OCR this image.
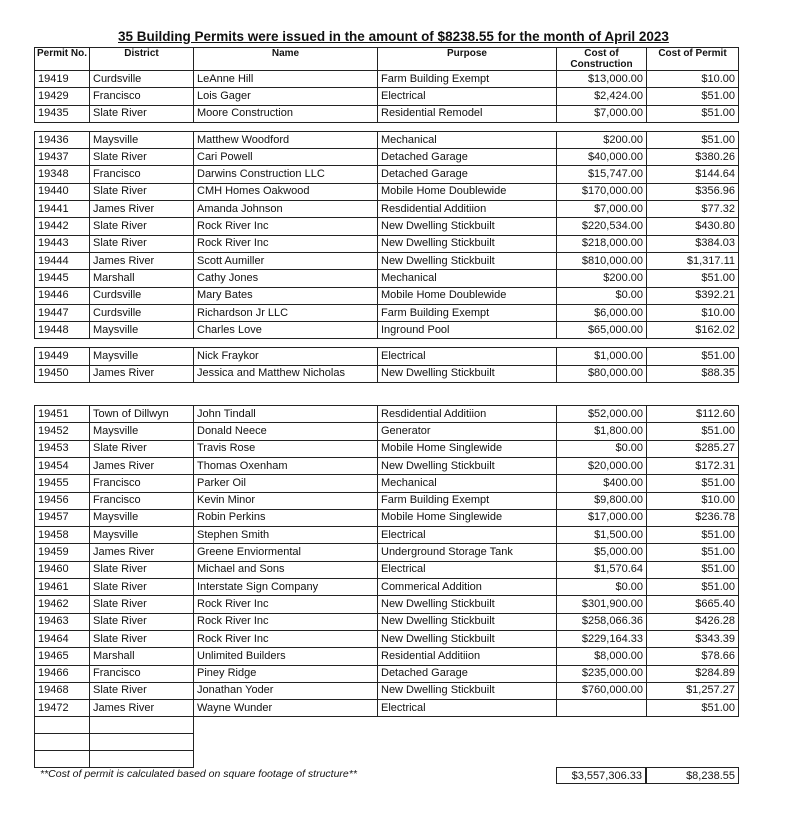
35 Building Permits were issued in the amount of $8238.55 for the month of April 2023
Permit No.	District	Name	Purpose	Cost of Construction	Cost of Permit
19419	Curdsville	LeAnne Hill	Farm Building Exempt	$13,000.00	$10.00
19429	Francisco	Lois Gager	Electrical	$2,424.00	$51.00
19435	Slate River	Moore Construction	Residential Remodel	$7,000.00	$51.00

19436	Maysville	Matthew Woodford	Mechanical	$200.00	$51.00
19437	Slate River	Cari Powell	Detached Garage	$40,000.00	$380.26
19348	Francisco	Darwins Construction LLC	Detached Garage	$15,747.00	$144.64
19440	Slate River	CMH Homes Oakwood	Mobile Home Doublewide	$170,000.00	$356.96
19441	James River	Amanda Johnson	Resdidential Additiion	$7,000.00	$77.32
19442	Slate River	Rock River Inc	New Dwelling Stickbuilt	$220,534.00	$430.80
19443	Slate River	Rock River Inc	New Dwelling Stickbuilt	$218,000.00	$384.03
19444	James River	Scott Aumiller	New Dwelling Stickbuilt	$810,000.00	$1,317.11
19445	Marshall	Cathy Jones	Mechanical	$200.00	$51.00
19446	Curdsville	Mary Bates	Mobile Home Doublewide	$0.00	$392.21
19447	Curdsville	Richardson Jr LLC	Farm Building Exempt	$6,000.00	$10.00
19448	Maysville	Charles Love	Inground Pool	$65,000.00	$162.02

19449	Maysville	Nick Fraykor	Electrical	$1,000.00	$51.00
19450	James River	Jessica and Matthew Nicholas	New Dwelling Stickbuilt	$80,000.00	$88.35

19451	Town of Dillwyn	John Tindall	Resdidential Additiion	$52,000.00	$112.60
19452	Maysville	Donald Neece	Generator	$1,800.00	$51.00
19453	Slate River	Travis Rose	Mobile Home Singlewide	$0.00	$285.27
19454	James River	Thomas Oxenham	New Dwelling Stickbuilt	$20,000.00	$172.31
19455	Francisco	Parker Oil	Mechanical	$400.00	$51.00
19456	Francisco	Kevin Minor	Farm Building Exempt	$9,800.00	$10.00
19457	Maysville	Robin Perkins	Mobile Home Singlewide	$17,000.00	$236.78
19458	Maysville	Stephen Smith	Electrical	$1,500.00	$51.00
19459	James River	Greene Enviormental	Underground Storage Tank	$5,000.00	$51.00
19460	Slate River	Michael and Sons	Electrical	$1,570.64	$51.00
19461	Slate River	Interstate Sign Company	Commerical Addition	$0.00	$51.00
19462	Slate River	Rock River Inc	New Dwelling Stickbuilt	$301,900.00	$665.40
19463	Slate River	Rock River Inc	New Dwelling Stickbuilt	$258,066.36	$426.28
19464	Slate River	Rock River Inc	New Dwelling Stickbuilt	$229,164.33	$343.39
19465	Marshall	Unlimited Builders	Residential Additiion	$8,000.00	$78.66
19466	Francisco	Piney Ridge	Detached Garage	$235,000.00	$284.89
19468	Slate River	Jonathan Yoder	New Dwelling Stickbuilt	$760,000.00	$1,257.27
19472	James River	Wayne Wunder	Electrical		$51.00

**Cost of permit is calculated based on square footage of structure**	$3,557,306.33	$8,238.55
